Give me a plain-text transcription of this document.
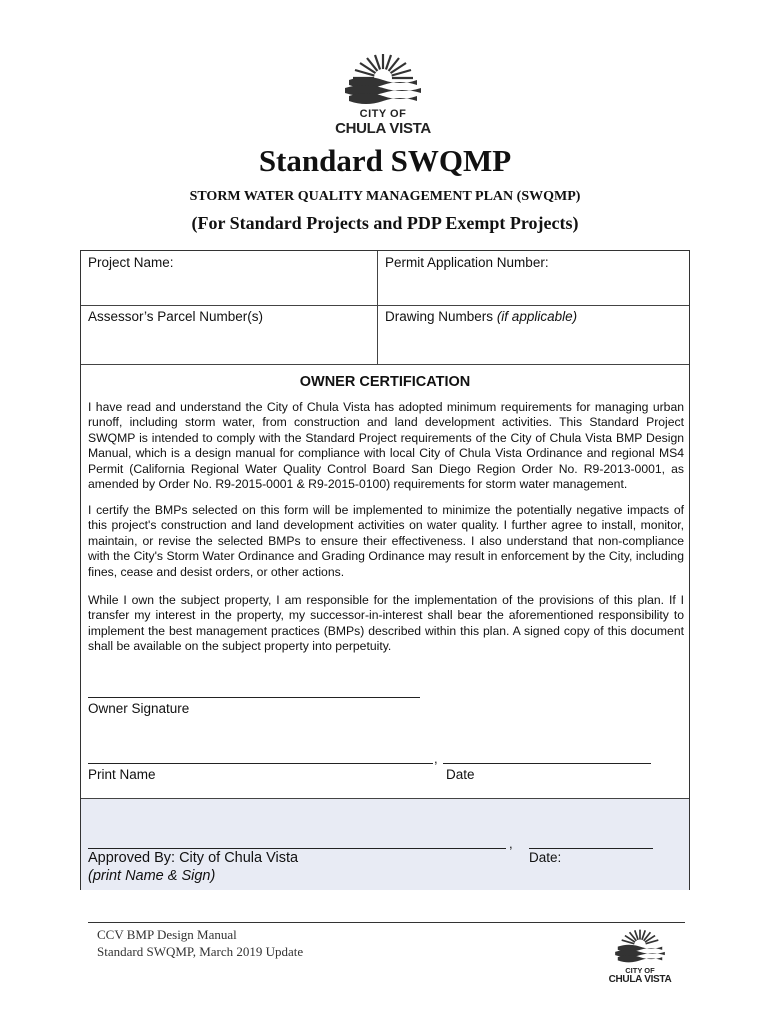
CITY OF
CHULA VISTA
Standard SWQMP
STORM WATER QUALITY MANAGEMENT PLAN (SWQMP)
(For Standard Projects and PDP Exempt Projects)
Project Name:	Permit Application Number:
Assessor’s Parcel Number(s)	Drawing Numbers (if applicable)
OWNER CERTIFICATION
I have read and understand the City of Chula Vista has adopted minimum requirements for managing urban runoff, including storm water, from construction and land development activities. This Standard Project SWQMP is intended to comply with the Standard Project requirements of the City of Chula Vista BMP Design Manual, which is a design manual for compliance with local City of Chula Vista Ordinance and regional MS4 Permit (California Regional Water Quality Control Board San Diego Region Order No. R9-2013-0001, as amended by Order No. R9-2015-0001 & R9-2015-0100) requirements for storm water management.
I certify the BMPs selected on this form will be implemented to minimize the potentially negative impacts of this project's construction and land development activities on water quality. I further agree to install, monitor, maintain, or revise the selected BMPs to ensure their effectiveness. I also understand that non-compliance with the City's Storm Water Ordinance and Grading Ordinance may result in enforcement by the City, including fines, cease and desist orders, or other actions.
While I own the subject property, I am responsible for the implementation of the provisions of this plan. If I transfer my interest in the property, my successor-in-interest shall bear the aforementioned responsibility to implement the best management practices (BMPs) described within this plan. A signed copy of this document shall be available on the subject property into perpetuity.
Owner Signature
,
Print Name	Date
,
Approved By: City of Chula Vista
(print Name & Sign)
Date:
CCV BMP Design Manual
Standard SWQMP, March 2019 Update
CITY OF
CHULA VISTA
